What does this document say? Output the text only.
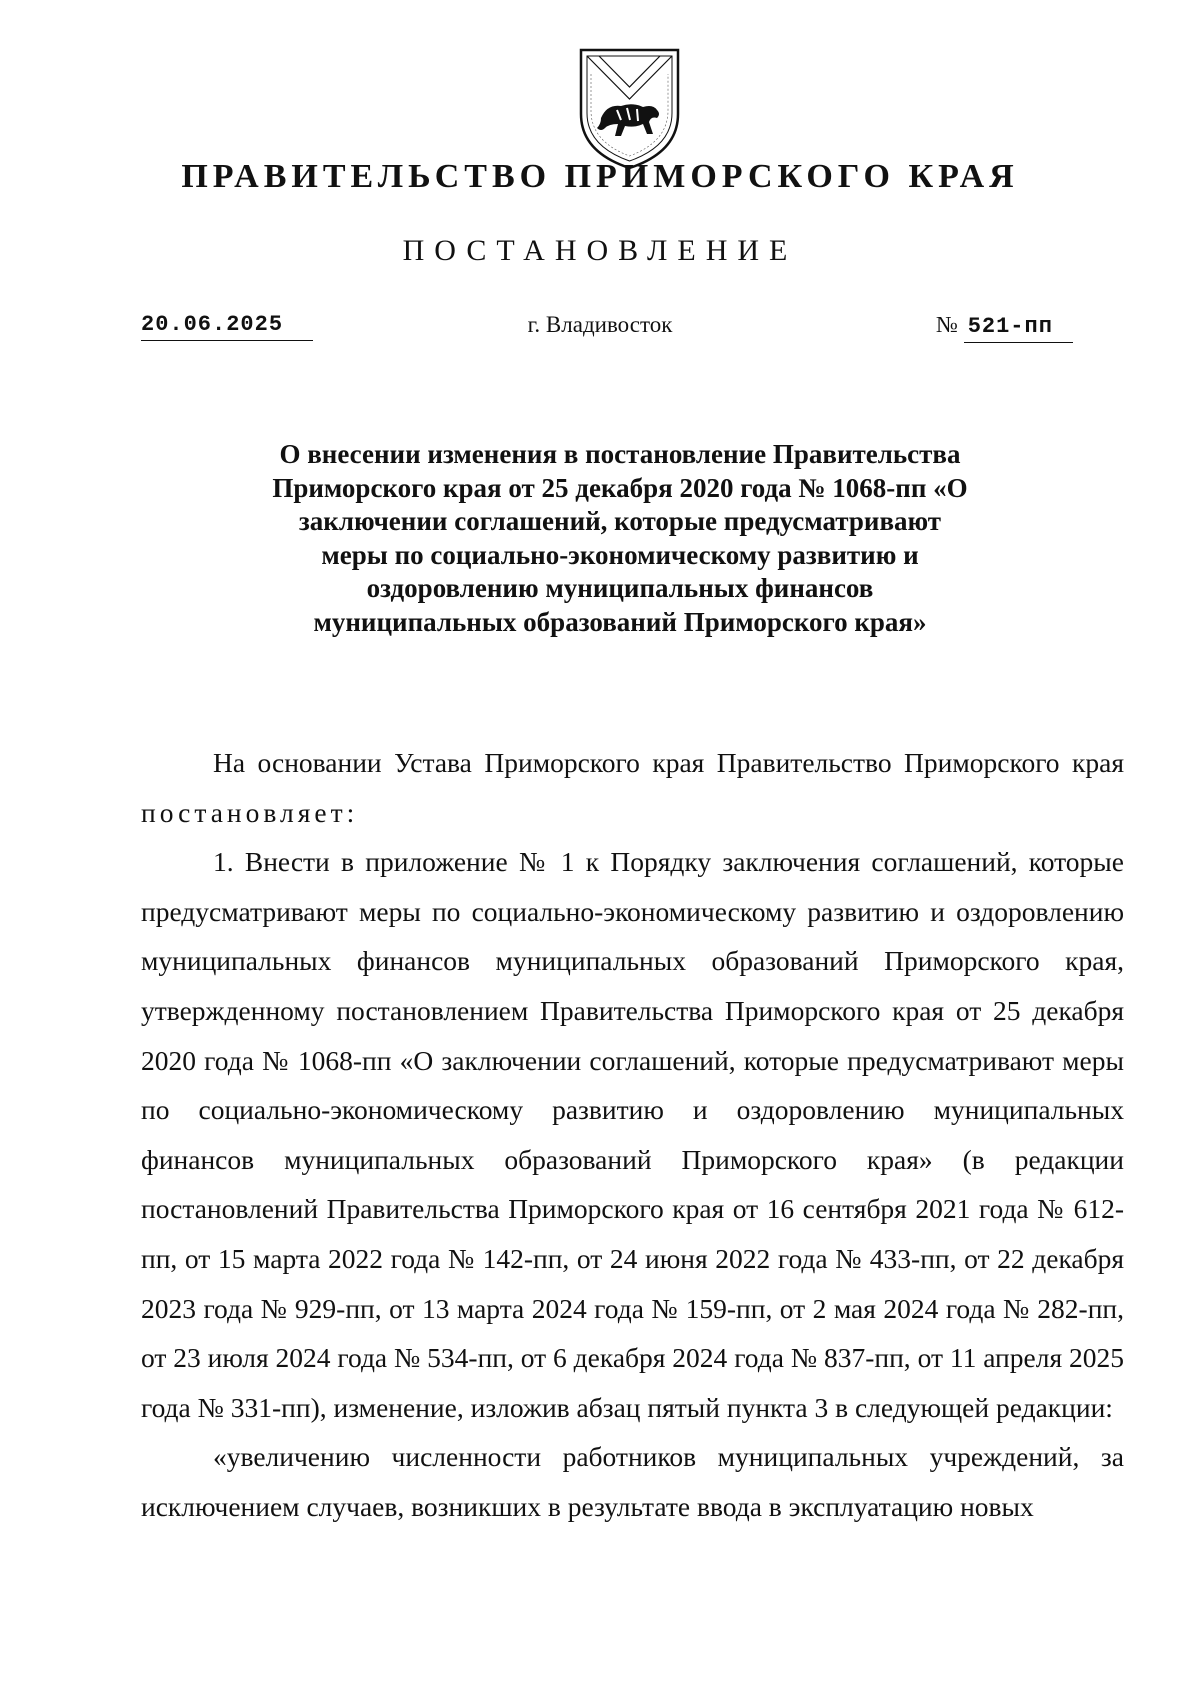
ПРАВИТЕЛЬСТВО ПРИМОРСКОГО КРАЯ
ПОСТАНОВЛЕНИЕ
20.06.2025	г. Владивосток	№ 521-пп
О внесении изменения в постановление Правительства Приморского края от 25 декабря 2020 года № 1068-пп «О заключении соглашений, которые предусматривают меры по социально-экономическому развитию и оздоровлению муниципальных финансов муниципальных образований Приморского края»

На основании Устава Приморского края Правительство Приморского края постановляет:

1. Внести в приложение № 1 к Порядку заключения соглашений, которые предусматривают меры по социально-экономическому развитию и оздоровлению муниципальных финансов муниципальных образований Приморского края, утвержденному постановлением Правительства Приморского края от 25 декабря 2020 года № 1068-пп «О заключении соглашений, которые предусматривают меры по социально-экономическому развитию и оздоровлению муниципальных финансов муниципальных образований Приморского края» (в редакции постановлений Правительства Приморского края от 16 сентября 2021 года № 612-пп, от 15 марта 2022 года № 142-пп, от 24 июня 2022 года № 433-пп, от 22 декабря 2023 года № 929-пп, от 13 марта 2024 года № 159-пп, от 2 мая 2024 года № 282-пп, от 23 июля 2024 года № 534-пп, от 6 декабря 2024 года № 837-пп, от 11 апреля 2025 года № 331-пп), изменение, изложив абзац пятый пункта 3 в следующей редакции:

«увеличению численности работников муниципальных учреждений, за исключением случаев, возникших в результате ввода в эксплуатацию новых
